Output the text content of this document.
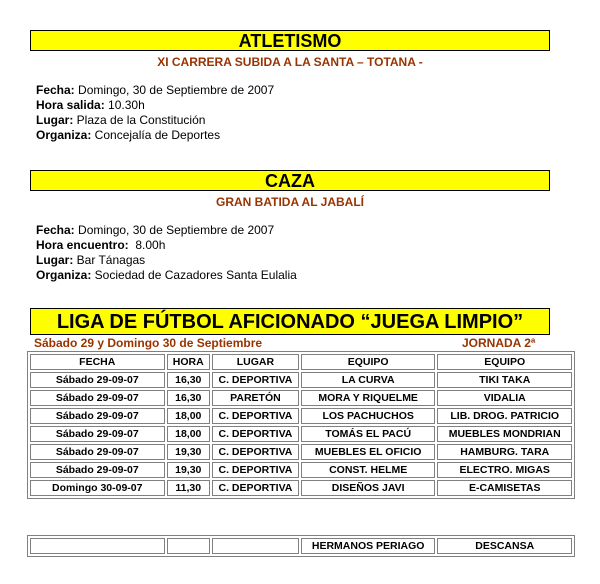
ATLETISMO
XI CARRERA SUBIDA A LA SANTA – TOTANA -
Fecha: Domingo, 30 de Septiembre de 2007
Hora salida: 10.30h
Lugar: Plaza de la Constitución
Organiza: Concejalía de Deportes
CAZA
GRAN BATIDA AL JABALÍ
Fecha: Domingo, 30 de Septiembre de 2007
Hora encuentro:  8.00h
Lugar: Bar Tánagas
Organiza: Sociedad de Cazadores Santa Eulalia
LIGA DE FÚTBOL AFICIONADO “JUEGA LIMPIO”
Sábado 29 y Domingo 30 de Septiembre	JORNADA 2ª
FECHA	HORA	LUGAR	EQUIPO	EQUIPO
Sábado 29-09-07	16,30	C. DEPORTIVA	LA CURVA	TIKI TAKA
Sábado 29-09-07	16,30	PARETÓN	MORA Y RIQUELME	VIDALIA
Sábado 29-09-07	18,00	C. DEPORTIVA	LOS PACHUCHOS	LIB. DROG. PATRICIO
Sábado 29-09-07	18,00	C. DEPORTIVA	TOMÁS EL PACÚ	MUEBLES MONDRIAN
Sábado 29-09-07	19,30	C. DEPORTIVA	MUEBLES EL OFICIO	HAMBURG. TARA
Sábado 29-09-07	19,30	C. DEPORTIVA	CONST. HELME	ELECTRO. MIGAS
Domingo 30-09-07	11,30	C. DEPORTIVA	DISEÑOS JAVI	E-CAMISETAS
			HERMANOS PERIAGO	DESCANSA
